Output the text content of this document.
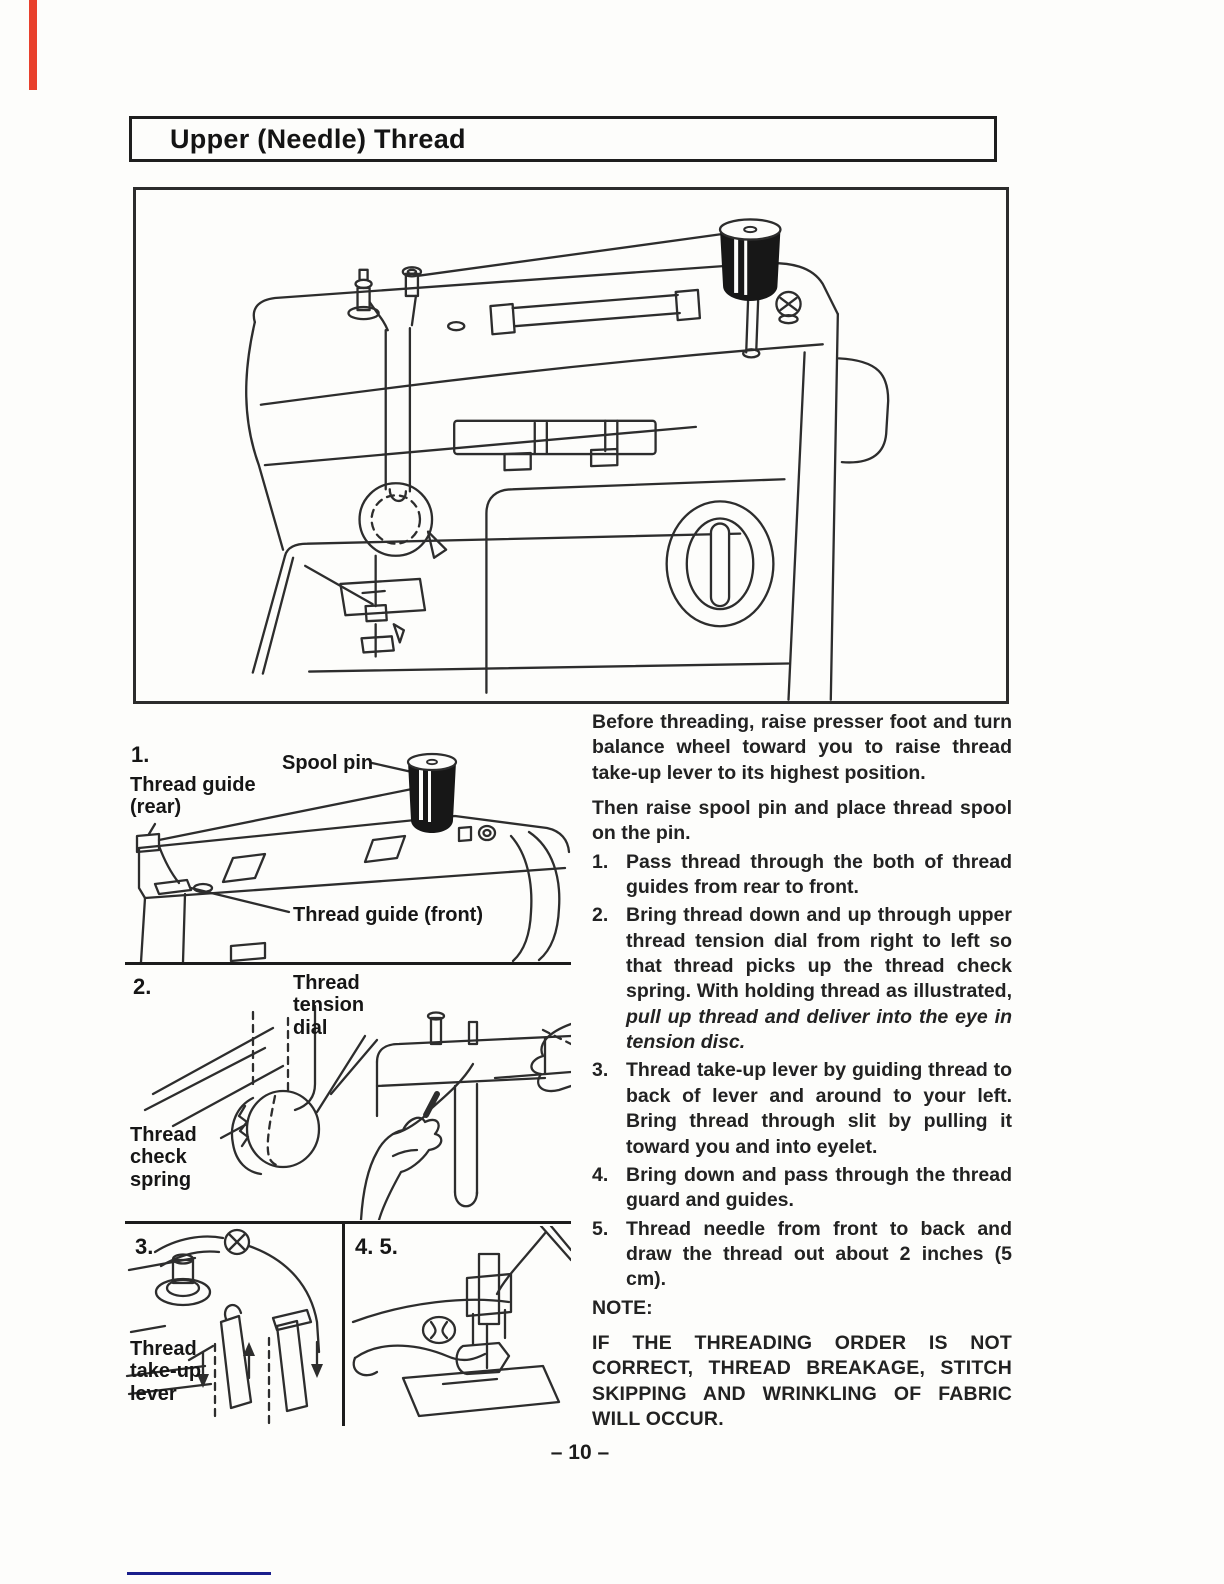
Upper (Needle) Thread
1.	Spool pin
Thread guide (rear)
Thread guide (front)
2.	Thread tension dial
Thread check spring
3.
Thread take-up lever
4. 5.

Before threading, raise presser foot and turn balance wheel toward you to raise thread take-up lever to its highest position.

Then raise spool pin and place thread spool on the pin.

1. Pass thread through the both of thread guides from rear to front.
2. Bring thread down and up through upper thread tension dial from right to left so that thread picks up the thread check spring. With holding thread as illustrated, pull up thread and deliver into the eye in tension disc.
3. Thread take-up lever by guiding thread to back of lever and around to your left. Bring thread through slit by pulling it toward you and into eyelet.
4. Bring down and pass through the thread guard and guides.
5. Thread needle from front to back and draw the thread out about 2 inches (5 cm).

NOTE:

IF THE THREADING ORDER IS NOT CORRECT, THREAD BREAKAGE, STITCH SKIPPING AND WRINKLING OF FABRIC WILL OCCUR.

– 10 –
